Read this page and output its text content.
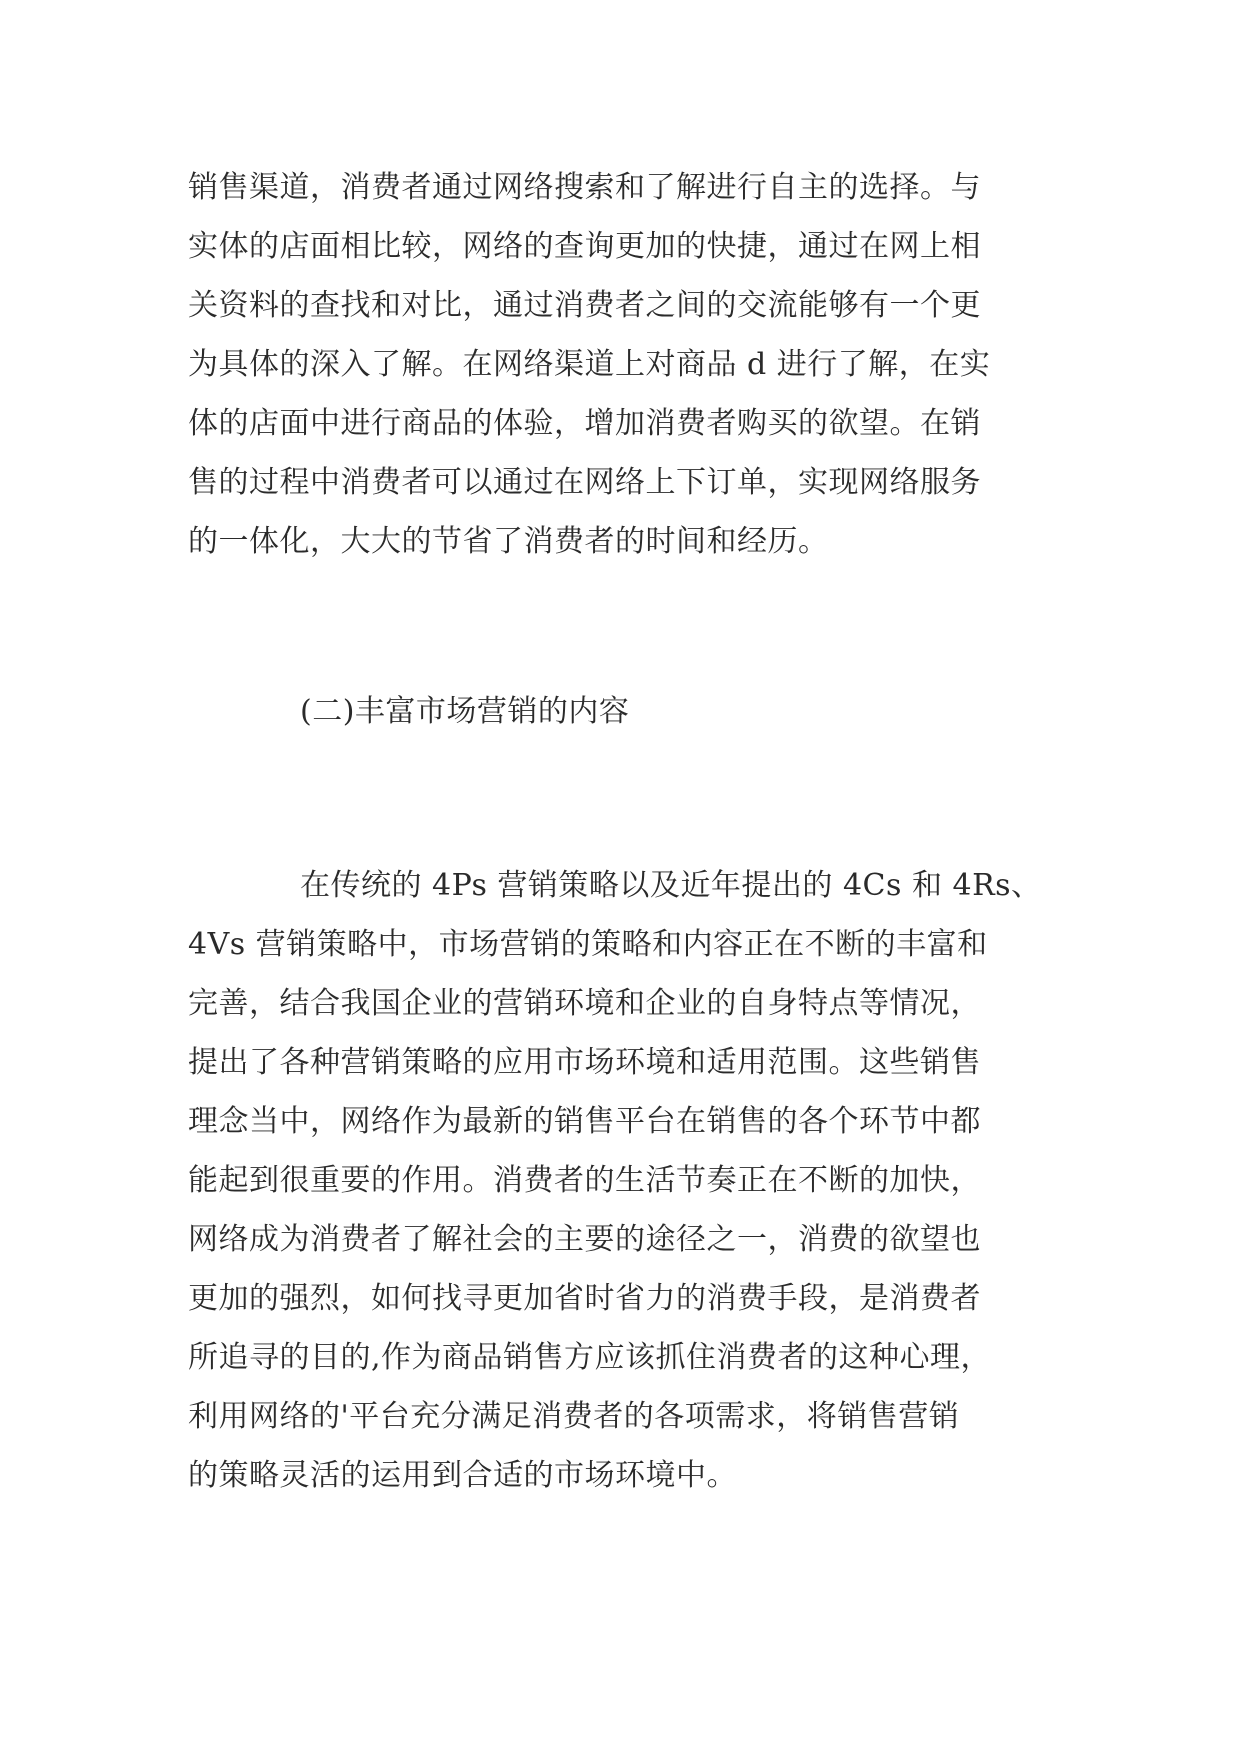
销售渠道，消费者通过网络搜索和了解进行自主的选择。与
实体的店面相比较，网络的查询更加的快捷，通过在网上相
关资料的查找和对比，通过消费者之间的交流能够有一个更
为具体的深入了解。在网络渠道上对商品 d 进行了解，在实
体的店面中进行商品的体验，增加消费者购买的欲望。在销
售的过程中消费者可以通过在网络上下订单，实现网络服务
的一体化，大大的节省了消费者的时间和经历。
(二)丰富市场营销的内容
在传统的 4Ps 营销策略以及近年提出的 4Cs 和 4Rs、
4Vs 营销策略中，市场营销的策略和内容正在不断的丰富和
完善，结合我国企业的营销环境和企业的自身特点等情况，
提出了各种营销策略的应用市场环境和适用范围。这些销售
理念当中，网络作为最新的销售平台在销售的各个环节中都
能起到很重要的作用。消费者的生活节奏正在不断的加快，
网络成为消费者了解社会的主要的途径之一，消费的欲望也
更加的强烈，如何找寻更加省时省力的消费手段，是消费者
所追寻的目的,作为商品销售方应该抓住消费者的这种心理，
利用网络的'平台充分满足消费者的各项需求，将销售营销
的策略灵活的运用到合适的市场环境中。
